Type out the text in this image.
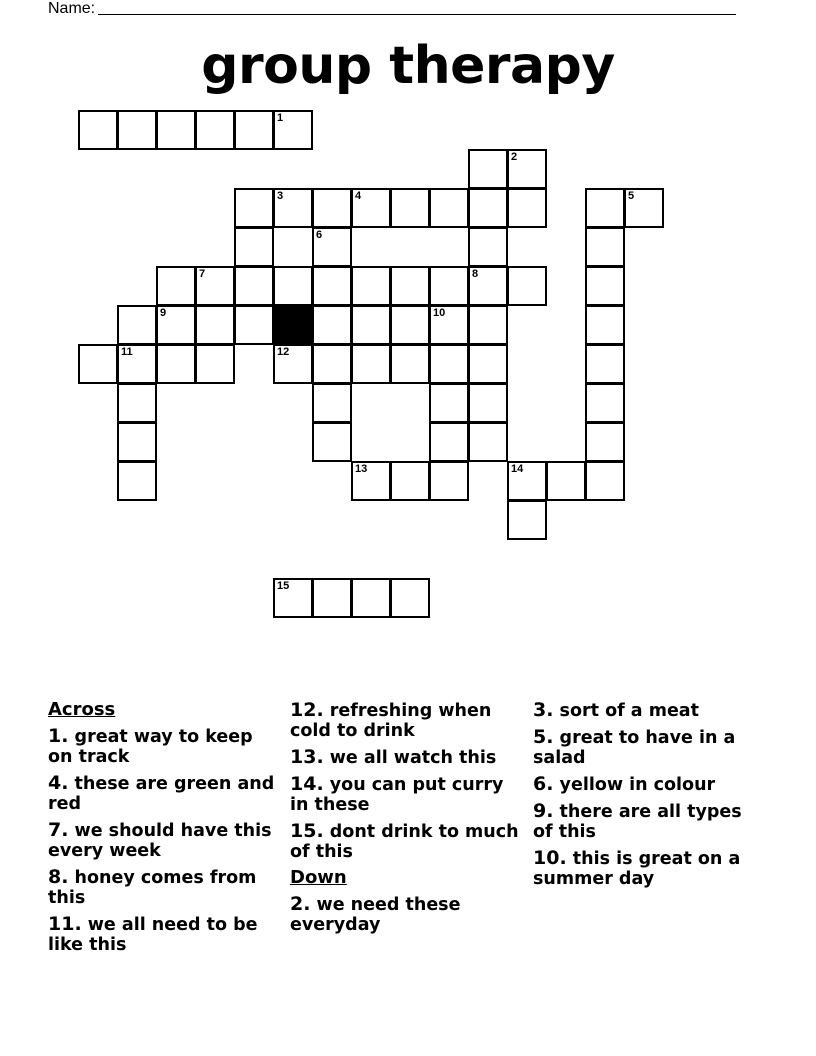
Name:
group therapy
4
6
7	8
9
11	12
13	14
15
1
2
3	5
10
Across
1. great way to keep on track
4. these are green and red
7. we should have this every week
8. honey comes from this
11. we all need to be like this
12. refreshing when cold to drink
13. we all watch this
14. you can put curry in these
15. dont drink to much of this
Down
2. we need these everyday
3. sort of a meat
5. great to have in a salad
6. yellow in colour
9. there are all types of this
10. this is great on a summer day
